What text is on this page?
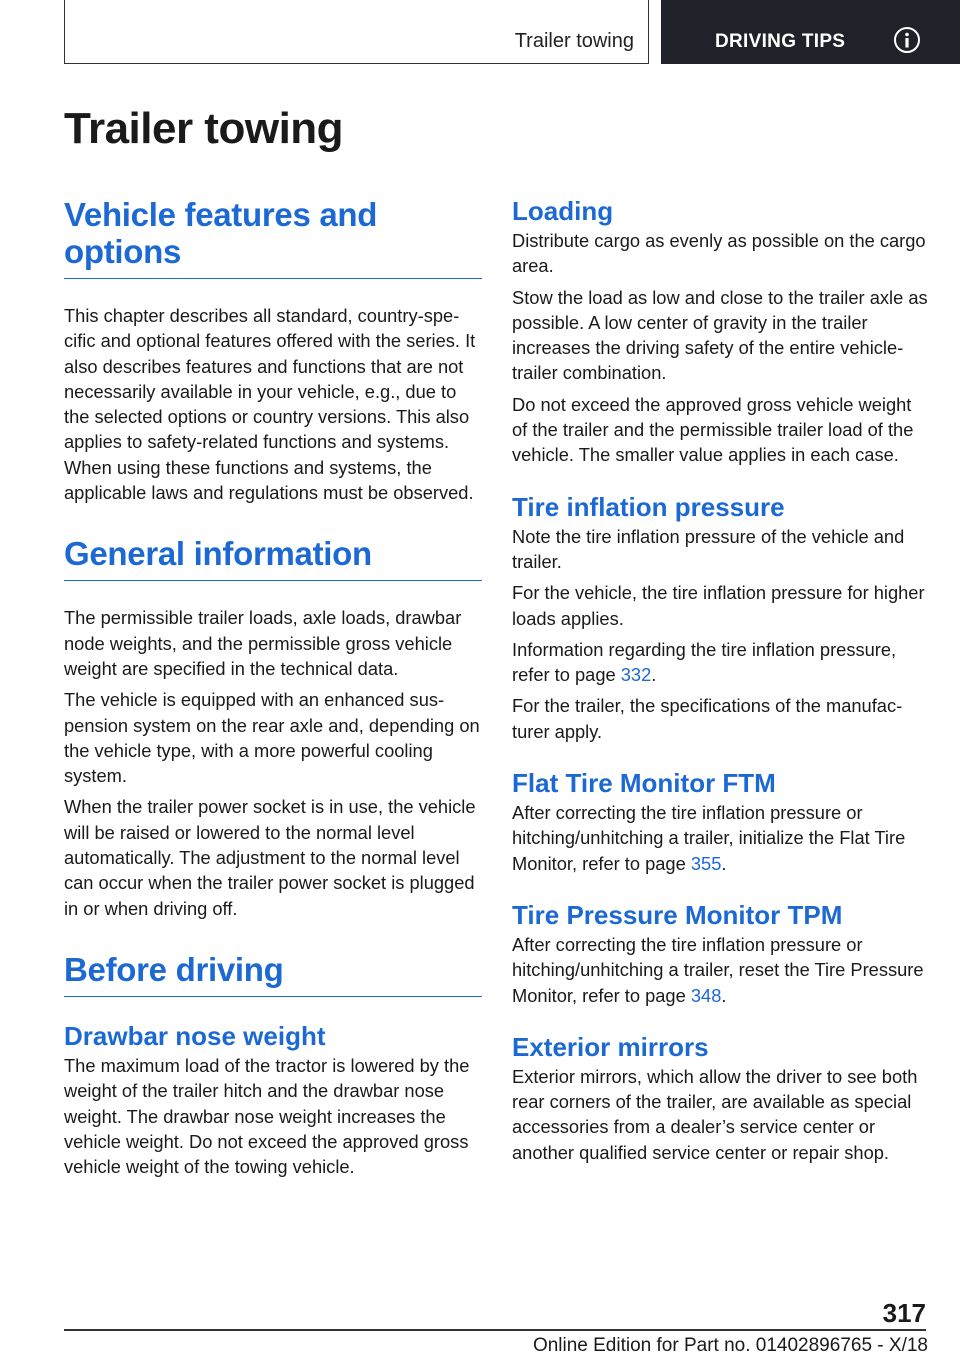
Trailer towing	DRIVING TIPS
Trailer towing
Vehicle features and
options

This chapter describes all standard, country-specific and optional features offered with the series. It also describes features and functions that are not necessarily available in your vehicle, e.g., due to the selected options or country versions. This also applies to safety-related functions and systems. When using these functions and systems, the applicable laws and regulations must be observed.

General information

The permissible trailer loads, axle loads, drawbar node weights, and the permissible gross vehicle weight are specified in the technical data.

The vehicle is equipped with an enhanced suspension system on the rear axle and, depending on the vehicle type, with a more powerful cooling system.

When the trailer power socket is in use, the vehicle will be raised or lowered to the normal level automatically. The adjustment to the normal level can occur when the trailer power socket is plugged in or when driving off.

Before driving
Drawbar nose weight

The maximum load of the tractor is lowered by the weight of the trailer hitch and the drawbar nose weight. The drawbar nose weight increases the vehicle weight. Do not exceed the approved gross vehicle weight of the towing vehicle.

Loading

Distribute cargo as evenly as possible on the cargo area.

Stow the load as low and close to the trailer axle as possible. A low center of gravity in the trailer increases the driving safety of the entire vehicle-trailer combination.

Do not exceed the approved gross vehicle weight of the trailer and the permissible trailer load of the vehicle. The smaller value applies in each case.

Tire inflation pressure

Note the tire inflation pressure of the vehicle and trailer.

For the vehicle, the tire inflation pressure for higher loads applies.

Information regarding the tire inflation pressure, refer to page 332.

For the trailer, the specifications of the manufacturer apply.

Flat Tire Monitor FTM

After correcting the tire inflation pressure or hitching/unhitching a trailer, initialize the Flat Tire Monitor, refer to page 355.

Tire Pressure Monitor TPM

After correcting the tire inflation pressure or hitching/unhitching a trailer, reset the Tire Pressure Monitor, refer to page 348.

Exterior mirrors

Exterior mirrors, which allow the driver to see both rear corners of the trailer, are available as special accessories from a dealer’s service center or another qualified service center or repair shop.

317
Online Edition for Part no. 01402896765 - X/18
